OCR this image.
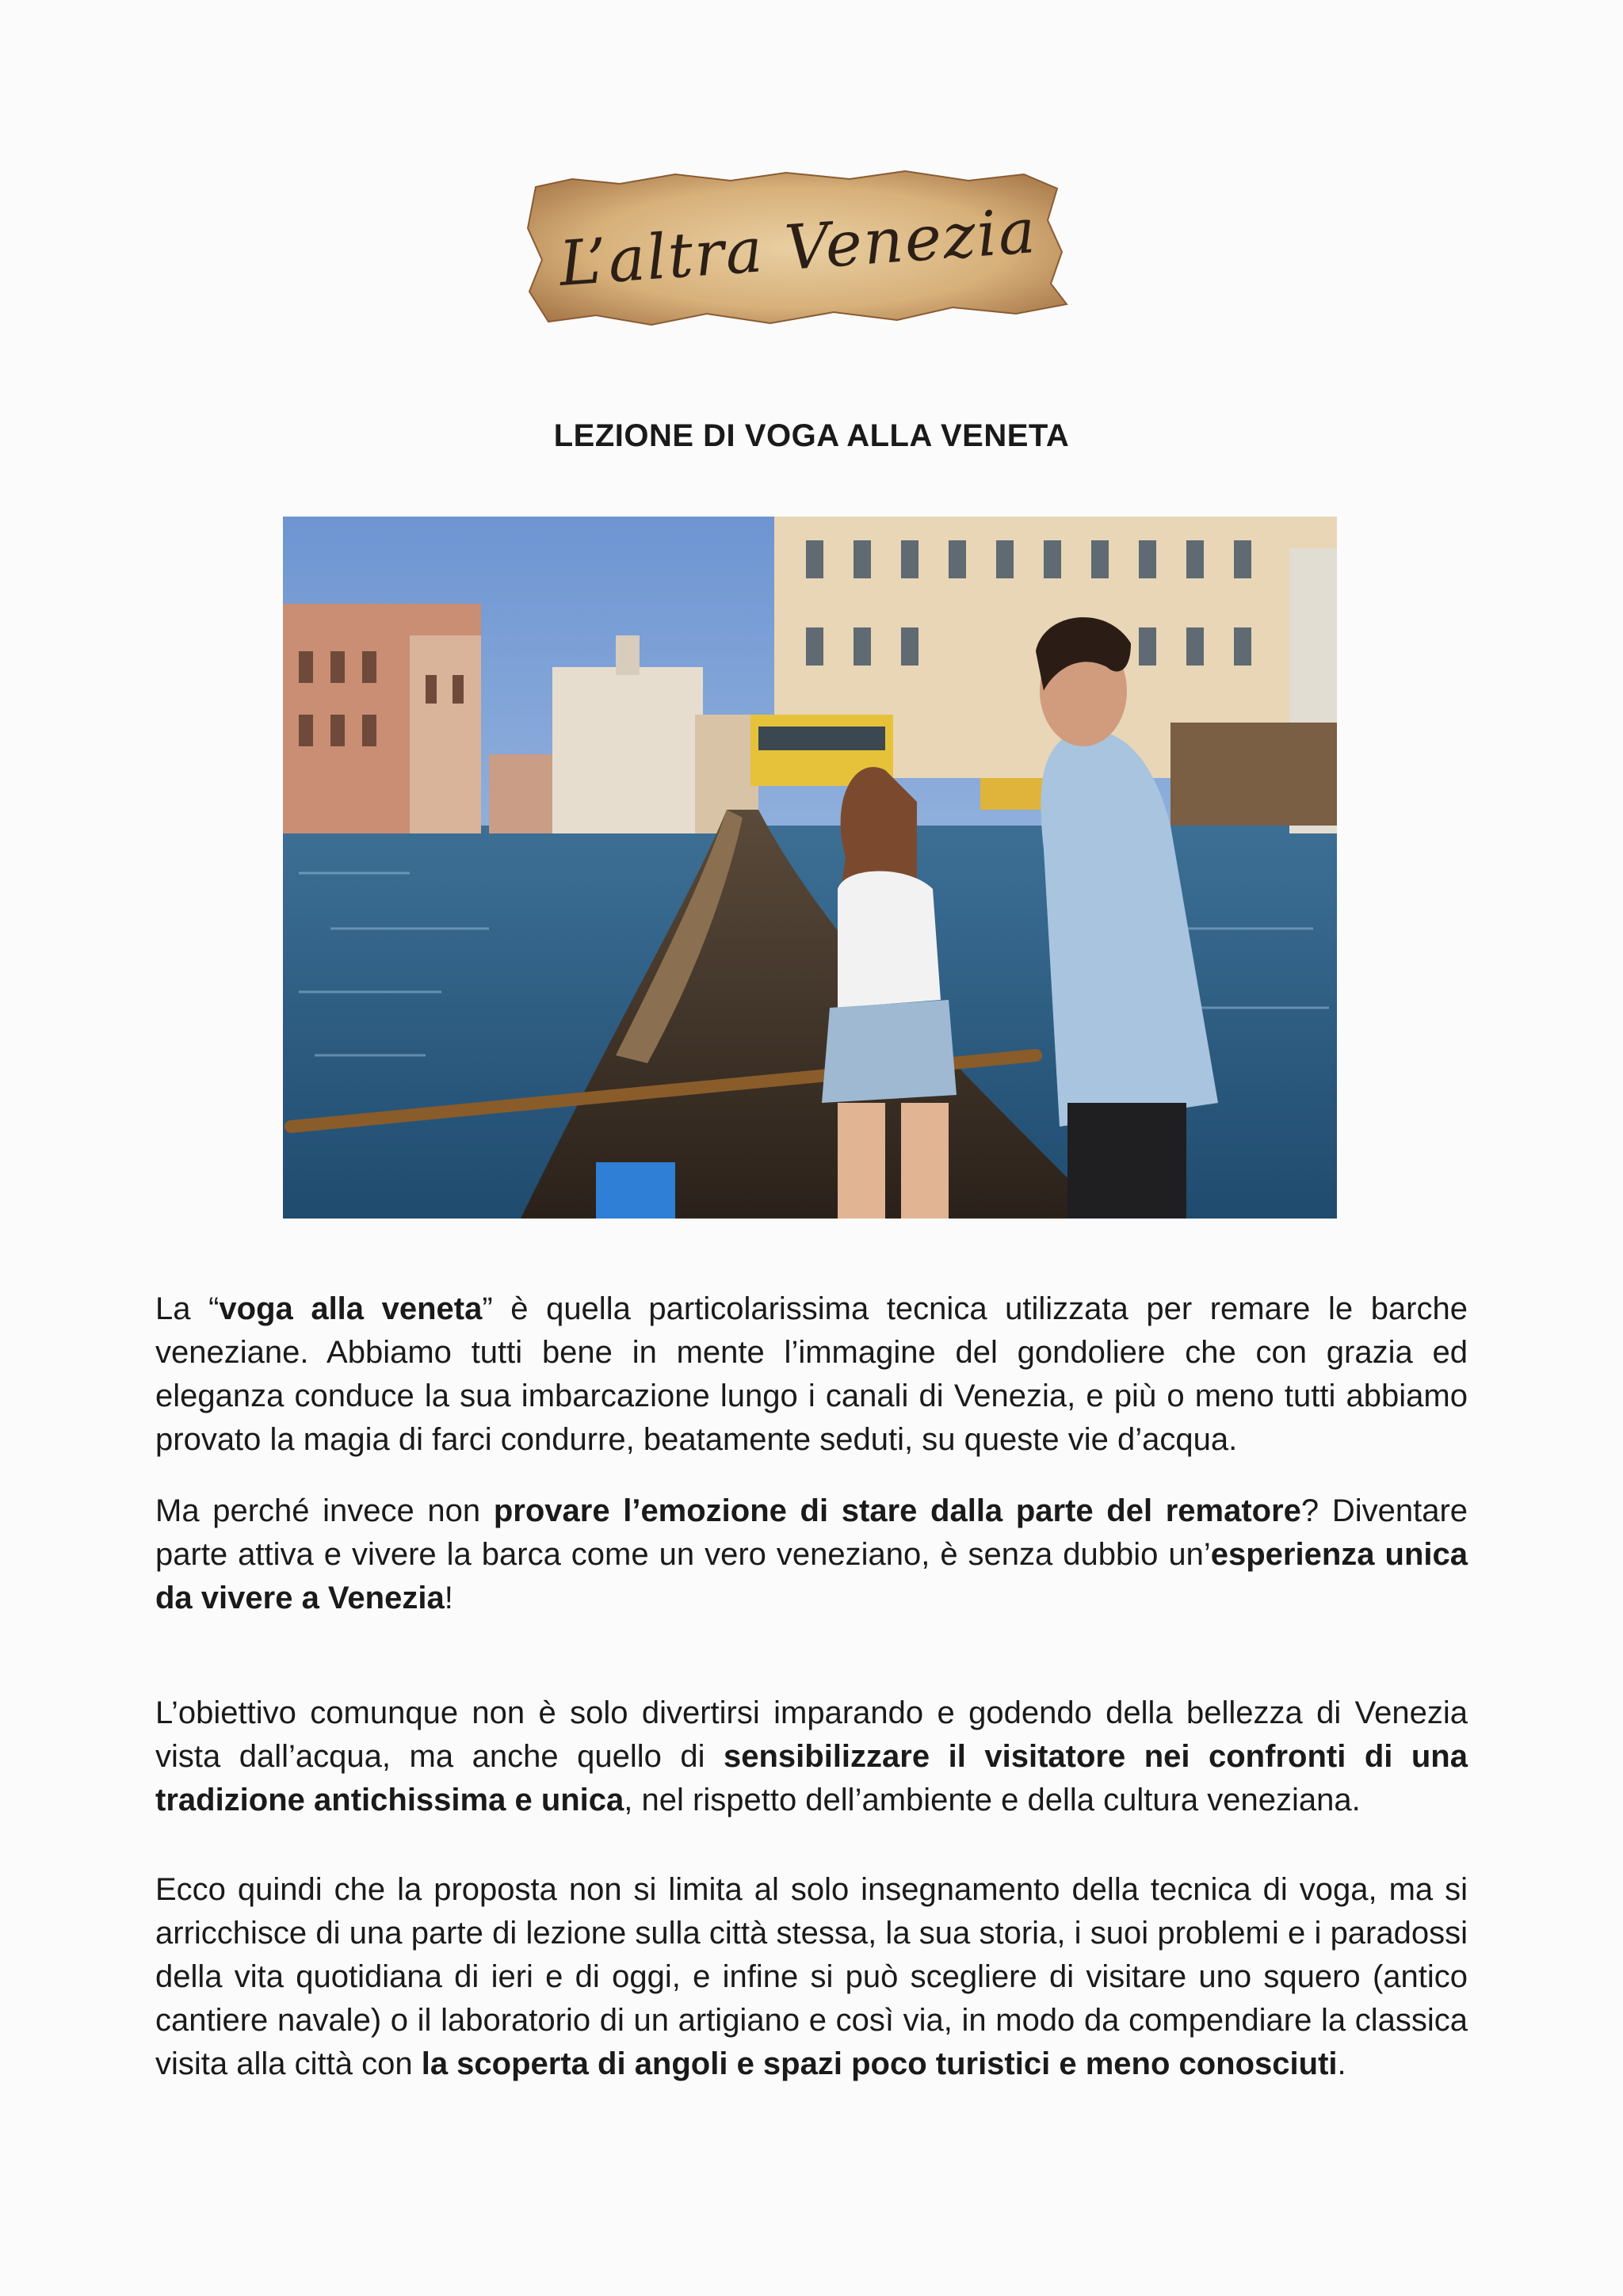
L’altra Venezia
LEZIONE DI VOGA ALLA VENETA

La “voga alla veneta” è quella particolarissima tecnica utilizzata per remare le barche veneziane. Abbiamo tutti bene in mente l’immagine del gondoliere che con grazia ed eleganza conduce la sua imbarcazione lungo i canali di Venezia, e più o meno tutti abbiamo provato la magia di farci condurre, beatamente seduti, su queste vie d’acqua.

Ma perché invece non provare l’emozione di stare dalla parte del rematore? Diventare parte attiva e vivere la barca come un vero veneziano, è senza dubbio un’esperienza unica da vivere a Venezia!

L’obiettivo comunque non è solo divertirsi imparando e godendo della bellezza di Venezia vista dall’acqua, ma anche quello di sensibilizzare il visitatore nei confronti di una tradizione antichissima e unica, nel rispetto dell’ambiente e della cultura veneziana.

Ecco quindi che la proposta non si limita al solo insegnamento della tecnica di voga, ma si arricchisce di una parte di lezione sulla città stessa, la sua storia, i suoi problemi e i paradossi della vita quotidiana di ieri e di oggi, e infine si può scegliere di visitare uno squero (antico cantiere navale) o il laboratorio di un artigiano e così via, in modo da compendiare la classica visita alla città con la scoperta di angoli e spazi poco turistici e meno conosciuti.
